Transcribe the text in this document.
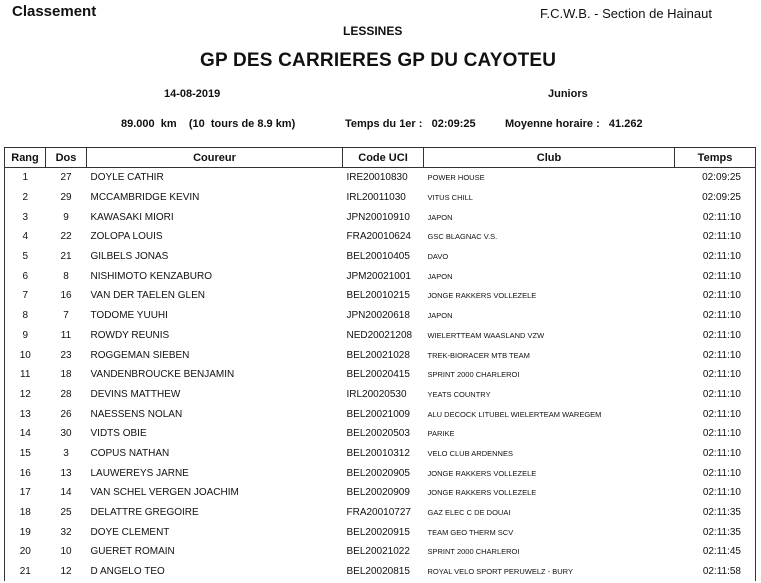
Classement	F.C.W.B. - Section de Hainaut
LESSINES
GP DES CARRIERES GP DU CAYOTEU
14-08-2019	Juniors
89.000  km    (10  tours de 8.9 km)	Temps du 1er : 02:09:25	Moyenne horaire : 41.262
Rang	Dos	Coureur	Code UCI	Club	Temps
1	27	DOYLE CATHIR	IRE20010830	POWER HOUSE	02:09:25
2	29	MCCAMBRIDGE KEVIN	IRL20011030	VITUS CHILL	02:09:25
3	9	KAWASAKI MIORI	JPN20010910	JAPON	02:11:10
4	22	ZOLOPA LOUIS	FRA20010624	GSC BLAGNAC V.S.	02:11:10
5	21	GILBELS JONAS	BEL20010405	DAVO	02:11:10
6	8	NISHIMOTO KENZABURO	JPM20021001	JAPON	02:11:10
7	16	VAN DER TAELEN GLEN	BEL20010215	JONGE RAKKERS VOLLEZELE	02:11:10
8	7	TODOME YUUHI	JPN20020618	JAPON	02:11:10
9	11	ROWDY REUNIS	NED20021208	WIELERTTEAM WAASLAND VZW	02:11:10
10	23	ROGGEMAN SIEBEN	BEL20021028	TREK-BIORACER MTB TEAM	02:11:10
11	18	VANDENBROUCKE BENJAMIN	BEL20020415	SPRINT 2000 CHARLEROI	02:11:10
12	28	DEVINS MATTHEW	IRL20020530	YEATS COUNTRY	02:11:10
13	26	NAESSENS NOLAN	BEL20021009	ALU DECOCK LITUBEL WIELERTEAM WAREGEM	02:11:10
14	30	VIDTS OBIE	BEL20020503	PARIKE	02:11:10
15	3	COPUS NATHAN	BEL20010312	VELO CLUB ARDENNES	02:11:10
16	13	LAUWEREYS JARNE	BEL20020905	JONGE RAKKERS VOLLEZELE	02:11:10
17	14	VAN SCHEL VERGEN JOACHIM	BEL20020909	JONGE RAKKERS VOLLEZELE	02:11:10
18	25	DELATTRE GREGOIRE	FRA20010727	GAZ ELEC C DE DOUAI	02:11:35
19	32	DOYE CLEMENT	BEL20020915	TEAM GEO THERM SCV	02:11:35
20	10	GUERET ROMAIN	BEL20021022	SPRINT 2000 CHARLEROI	02:11:45
21	12	D ANGELO TEO	BEL20020815	ROYAL VELO SPORT PERUWELZ - BURY	02:11:58
